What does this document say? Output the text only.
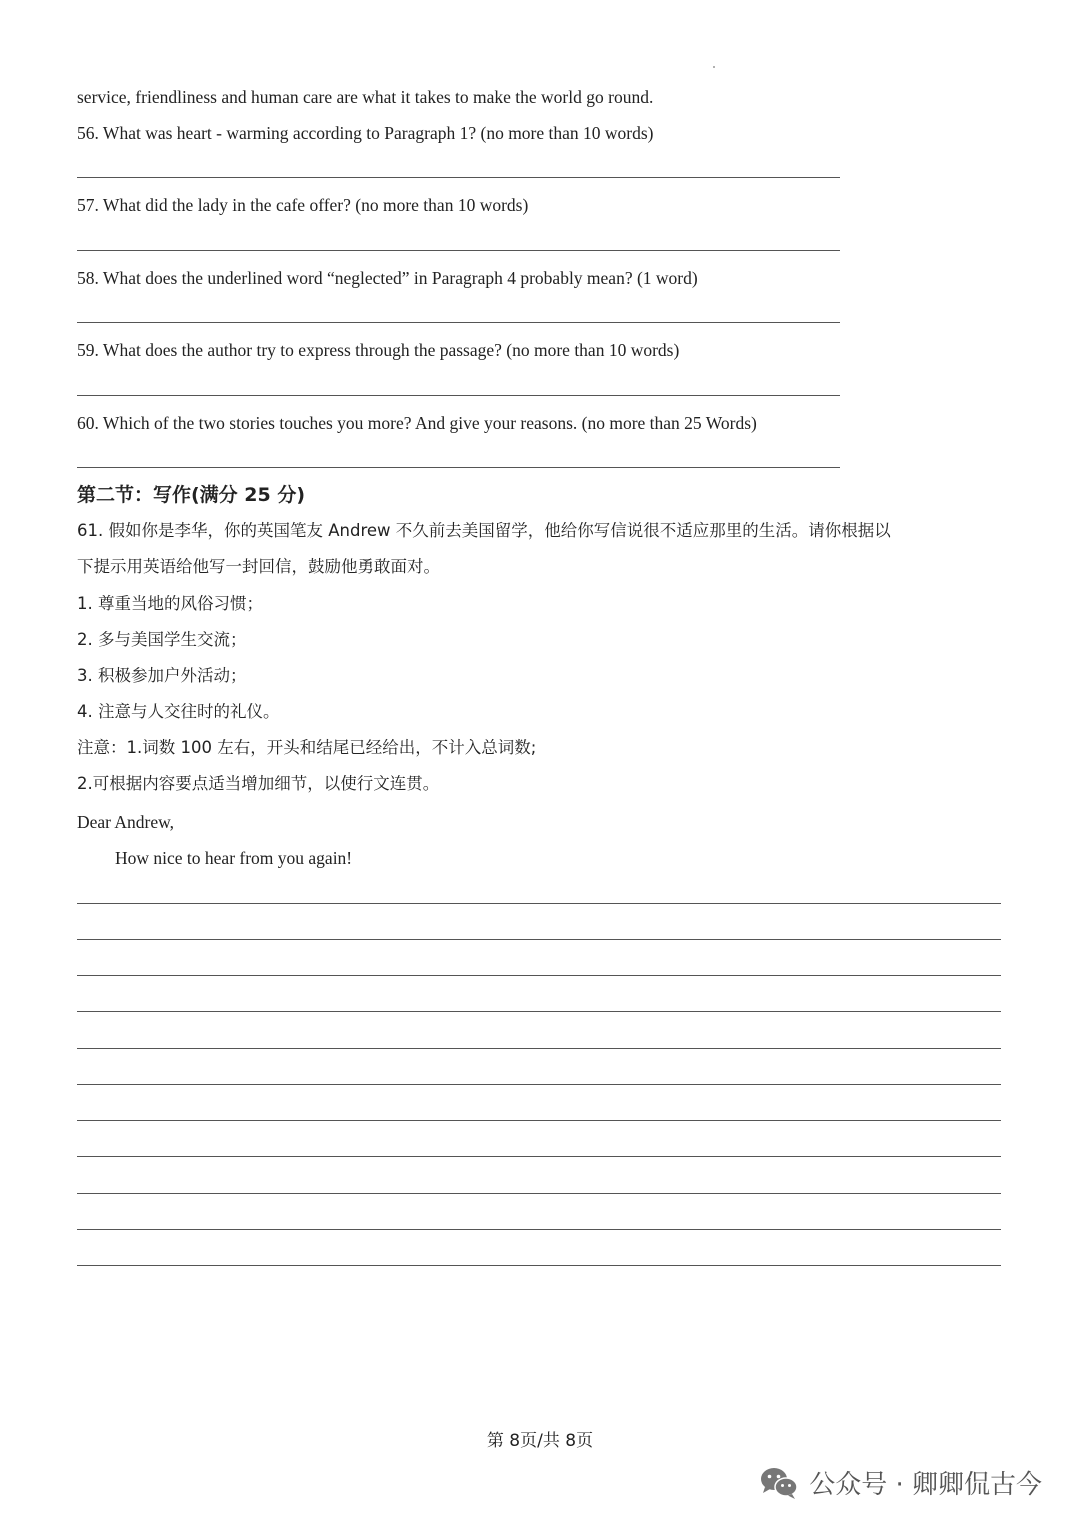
service, friendliness and human care are what it takes to make the world go round.
56. What was heart - warming according to Paragraph 1? (no more than 10 words)
57. What did the lady in the cafe offer? (no more than 10 words)
58. What does the underlined word “neglected” in Paragraph 4 probably mean? (1 word)
59. What does the author try to express through the passage? (no more than 10 words)
60. Which of the two stories touches you more? And give your reasons. (no more than 25 Words)
第二节：写作(满分 25 分)
61. 假如你是李华，你的英国笔友 Andrew 不久前去美国留学，他给你写信说很不适应那里的生活。请你根据以
下提示用英语给他写一封回信，鼓励他勇敢面对。
1. 尊重当地的风俗习惯；
2. 多与美国学生交流；
3. 积极参加户外活动；
4. 注意与人交往时的礼仪。
注意：1.词数 100 左右，开头和结尾已经给出，不计入总词数;
2.可根据内容要点适当增加细节，以使行文连贯。
Dear Andrew,
How nice to hear from you again!
第 8页/共 8页
公众号 · 卿卿侃古今
